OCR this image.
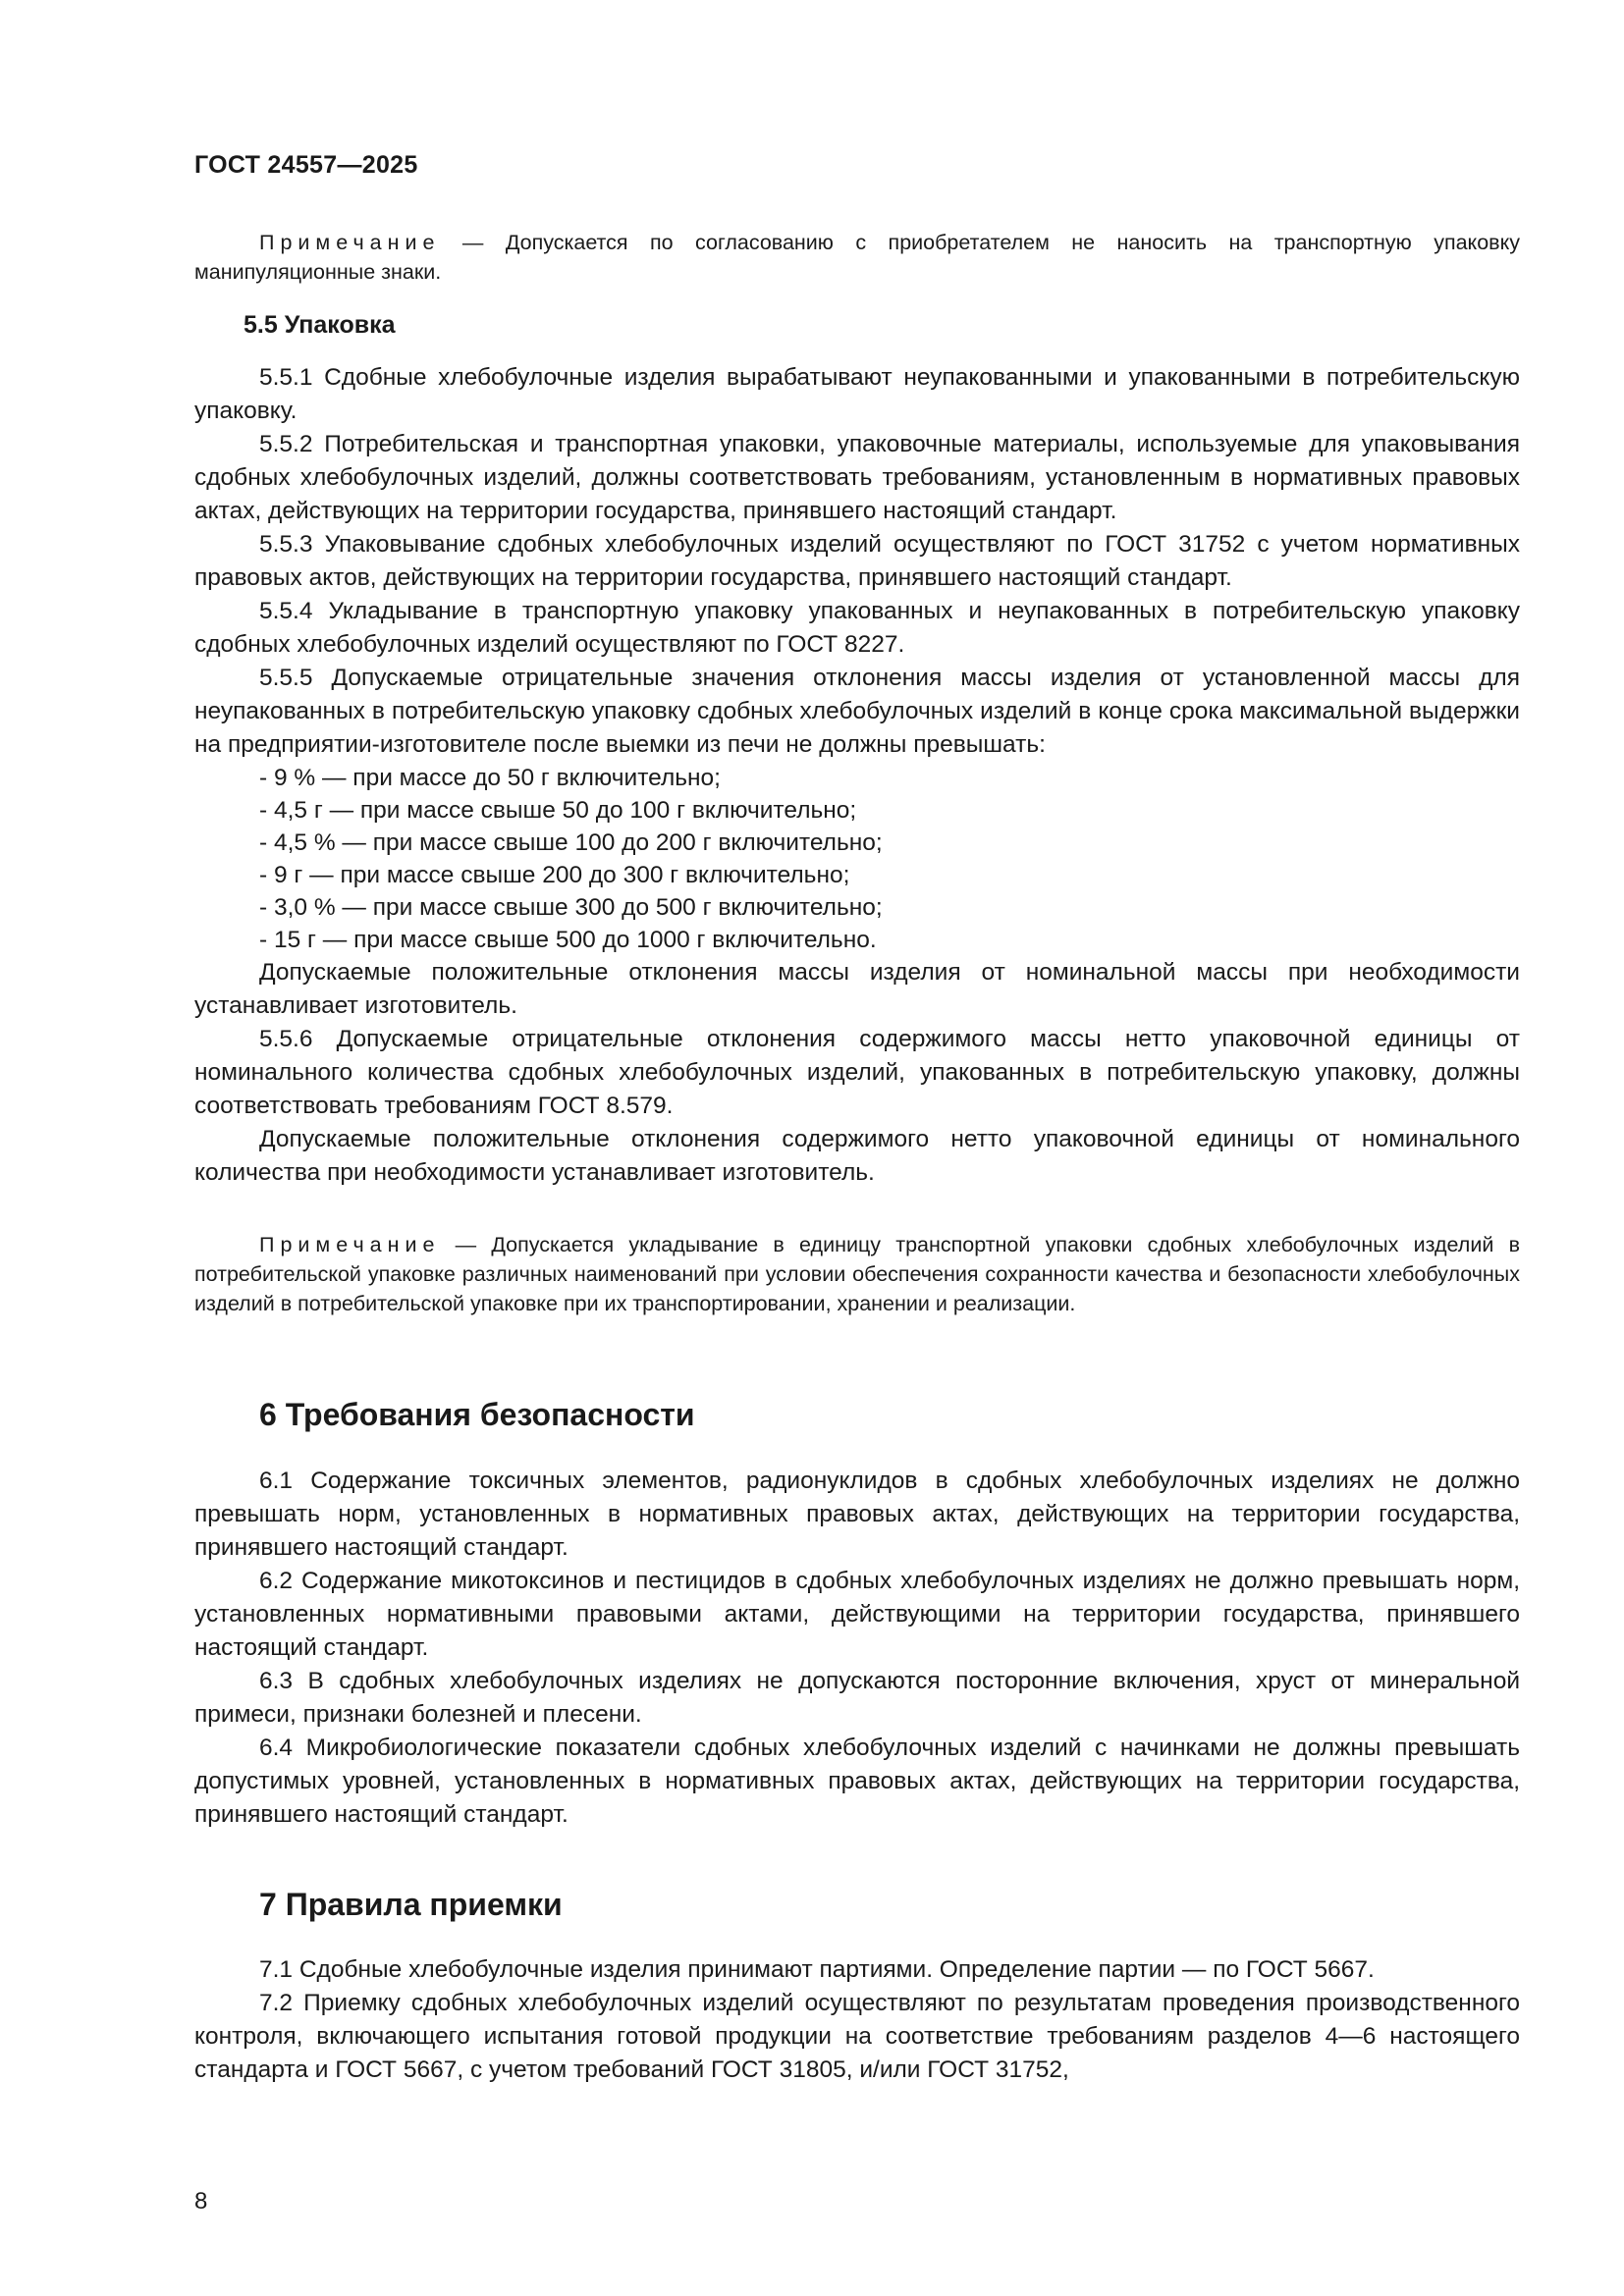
ГОСТ 24557—2025

Примечание — Допускается по согласованию с приобретателем не наносить на транспортную упаковку манипуляционные знаки.

5.5 Упаковка

5.5.1 Сдобные хлебобулочные изделия вырабатывают неупакованными и упакованными в потребительскую упаковку.

5.5.2 Потребительская и транспортная упаковки, упаковочные материалы, используемые для упаковывания сдобных хлебобулочных изделий, должны соответствовать требованиям, установленным в нормативных правовых актах, действующих на территории государства, принявшего настоящий стандарт.

5.5.3 Упаковывание сдобных хлебобулочных изделий осуществляют по ГОСТ 31752 с учетом нормативных правовых актов, действующих на территории государства, принявшего настоящий стандарт.

5.5.4 Укладывание в транспортную упаковку упакованных и неупакованных в потребительскую упаковку сдобных хлебобулочных изделий осуществляют по ГОСТ 8227.

5.5.5 Допускаемые отрицательные значения отклонения массы изделия от установленной массы для неупакованных в потребительскую упаковку сдобных хлебобулочных изделий в конце срока максимальной выдержки на предприятии-изготовителе после выемки из печи не должны превышать:

- 9 % — при массе до 50 г включительно;
- 4,5 г — при массе свыше 50 до 100 г включительно;
- 4,5 % — при массе свыше 100 до 200 г включительно;
- 9 г — при массе свыше 200 до 300 г включительно;
- 3,0 % — при массе свыше 300 до 500 г включительно;
- 15 г — при массе свыше 500 до 1000 г включительно.

Допускаемые положительные отклонения массы изделия от номинальной массы при необходимости устанавливает изготовитель.

5.5.6 Допускаемые отрицательные отклонения содержимого массы нетто упаковочной единицы от номинального количества сдобных хлебобулочных изделий, упакованных в потребительскую упаковку, должны соответствовать требованиям ГОСТ 8.579.

Допускаемые положительные отклонения содержимого нетто упаковочной единицы от номинального количества при необходимости устанавливает изготовитель.

Примечание — Допускается укладывание в единицу транспортной упаковки сдобных хлебобулочных изделий в потребительской упаковке различных наименований при условии обеспечения сохранности качества и безопасности хлебобулочных изделий в потребительской упаковке при их транспортировании, хранении и реализации.

6 Требования безопасности

6.1 Содержание токсичных элементов, радионуклидов в сдобных хлебобулочных изделиях не должно превышать норм, установленных в нормативных правовых актах, действующих на территории государства, принявшего настоящий стандарт.

6.2 Содержание микотоксинов и пестицидов в сдобных хлебобулочных изделиях не должно превышать норм, установленных нормативными правовыми актами, действующими на территории государства, принявшего настоящий стандарт.

6.3 В сдобных хлебобулочных изделиях не допускаются посторонние включения, хруст от минеральной примеси, признаки болезней и плесени.

6.4 Микробиологические показатели сдобных хлебобулочных изделий с начинками не должны превышать допустимых уровней, установленных в нормативных правовых актах, действующих на территории государства, принявшего настоящий стандарт.

7 Правила приемки

7.1 Сдобные хлебобулочные изделия принимают партиями. Определение партии — по ГОСТ 5667.

7.2 Приемку сдобных хлебобулочных изделий осуществляют по результатам проведения производственного контроля, включающего испытания готовой продукции на соответствие требованиям разделов 4—6 настоящего стандарта и ГОСТ 5667, с учетом требований ГОСТ 31805, и/или ГОСТ 31752,

8
